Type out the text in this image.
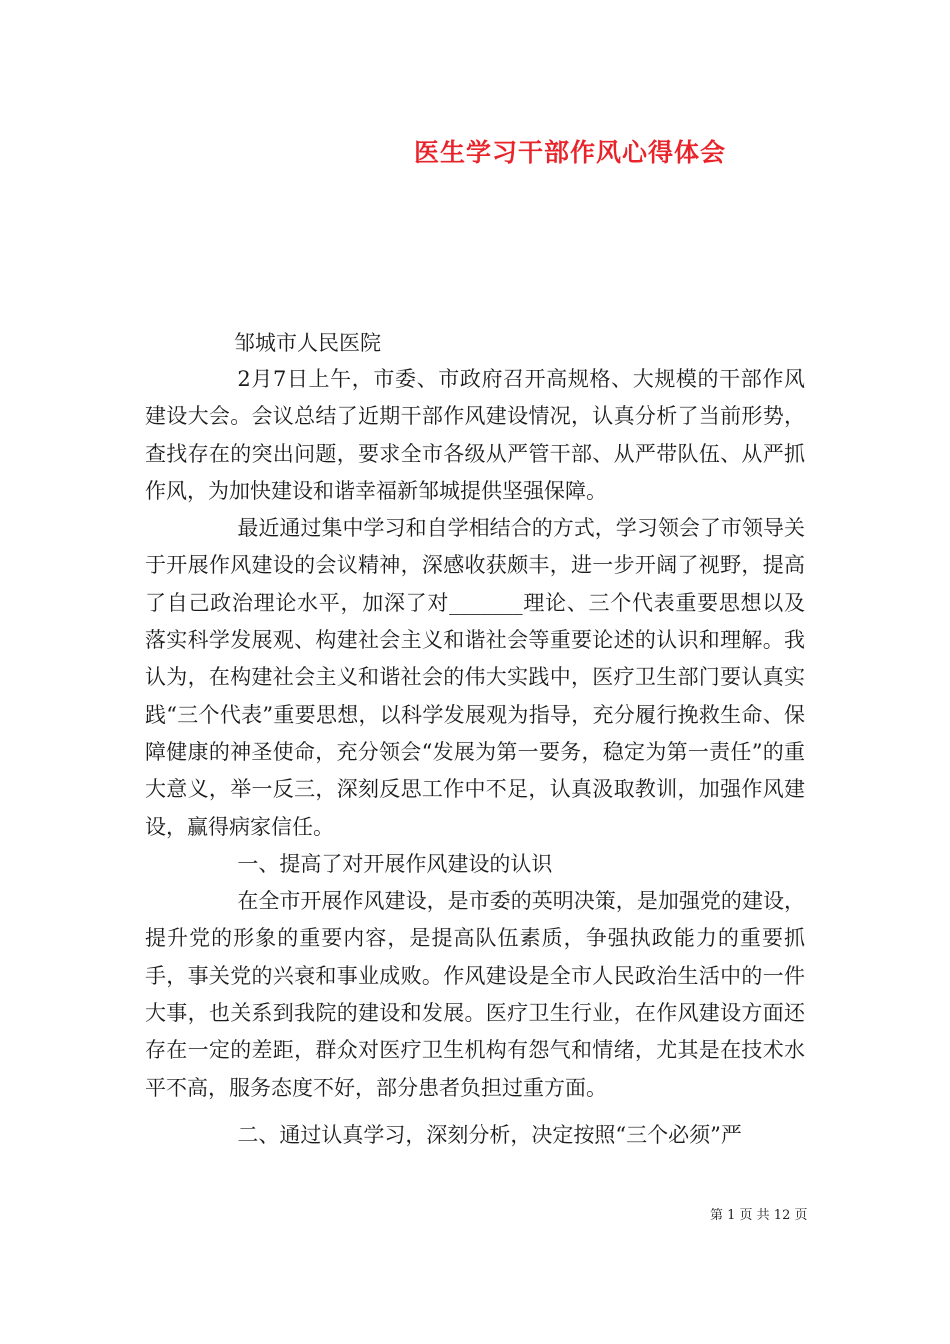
医生学习干部作风心得体会
邹城市人民医院

2月7日上午，市委、市政府召开高规格、大规模的干部作风建设大会。会议总结了近期干部作风建设情况，认真分析了当前形势，查找存在的突出问题，要求全市各级从严管干部、从严带队伍、从严抓作风，为加快建设和谐幸福新邹城提供坚强保障。

最近通过集中学习和自学相结合的方式，学习领会了市领导关于开展作风建设的会议精神，深感收获颇丰，进一步开阔了视野，提高了自己政治理论水平，加深了对_______理论、三个代表重要思想以及落实科学发展观、构建社会主义和谐社会等重要论述的认识和理解。我认为，在构建社会主义和谐社会的伟大实践中，医疗卫生部门要认真实践“三个代表”重要思想，以科学发展观为指导，充分履行挽救生命、保障健康的神圣使命，充分领会“发展为第一要务，稳定为第一责任”的重大意义，举一反三，深刻反思工作中不足，认真汲取教训，加强作风建设，赢得病家信任。

一、提高了对开展作风建设的认识

在全市开展作风建设，是市委的英明决策，是加强党的建设，提升党的形象的重要内容，是提高队伍素质，争强执政能力的重要抓手，事关党的兴衰和事业成败。作风建设是全市人民政治生活中的一件大事，也关系到我院的建设和发展。医疗卫生行业，在作风建设方面还存在一定的差距，群众对医疗卫生机构有怨气和情绪，尤其是在技术水平不高，服务态度不好，部分患者负担过重方面。

二、通过认真学习，深刻分析，决定按照“三个必须”严

第 1 页 共 12 页
